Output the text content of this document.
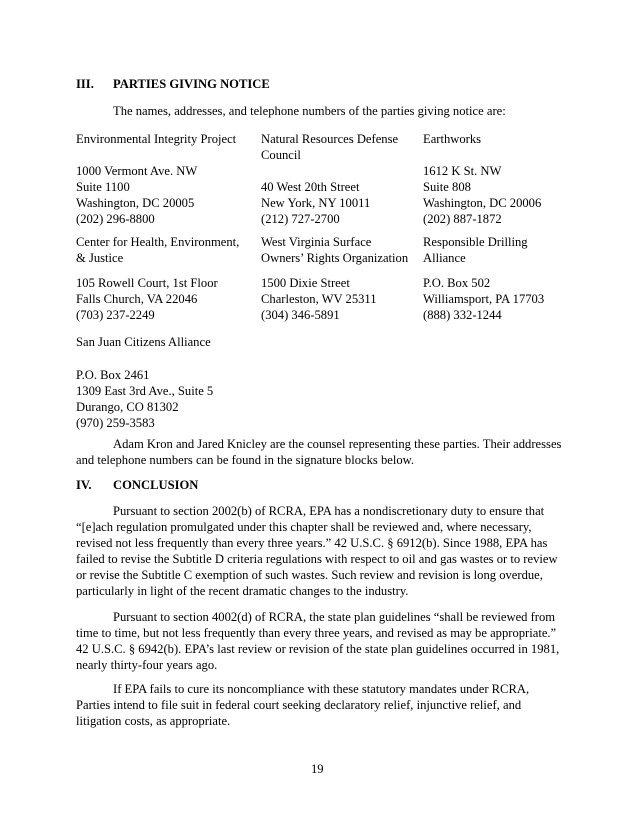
III. PARTIES GIVING NOTICE
The names, addresses, and telephone numbers of the parties giving notice are:
Environmental Integrity Project
1000 Vermont Ave. NW
Suite 1100
Washington, DC 20005
(202) 296-8800
Natural Resources Defense
Council
40 West 20th Street
New York, NY 10011
(212) 727-2700
Earthworks
1612 K St. NW
Suite 808
Washington, DC 20006
(202) 887-1872
Center for Health, Environment,
& Justice
105 Rowell Court, 1st Floor
Falls Church, VA 22046
(703) 237-2249
West Virginia Surface
Owners’ Rights Organization
1500 Dixie Street
Charleston, WV 25311
(304) 346-5891
Responsible Drilling
Alliance
P.O. Box 502
Williamsport, PA 17703
(888) 332-1244
San Juan Citizens Alliance
P.O. Box 2461
1309 East 3rd Ave., Suite 5
Durango, CO 81302
(970) 259-3583
Adam Kron and Jared Knicley are the counsel representing these parties. Their addresses
and telephone numbers can be found in the signature blocks below.
IV. CONCLUSION
Pursuant to section 2002(b) of RCRA, EPA has a nondiscretionary duty to ensure that
“[e]ach regulation promulgated under this chapter shall be reviewed and, where necessary,
revised not less frequently than every three years.” 42 U.S.C. § 6912(b). Since 1988, EPA has
failed to revise the Subtitle D criteria regulations with respect to oil and gas wastes or to review
or revise the Subtitle C exemption of such wastes. Such review and revision is long overdue,
particularly in light of the recent dramatic changes to the industry.
Pursuant to section 4002(d) of RCRA, the state plan guidelines “shall be reviewed from
time to time, but not less frequently than every three years, and revised as may be appropriate.”
42 U.S.C. § 6942(b). EPA’s last review or revision of the state plan guidelines occurred in 1981,
nearly thirty-four years ago.
If EPA fails to cure its noncompliance with these statutory mandates under RCRA,
Parties intend to file suit in federal court seeking declaratory relief, injunctive relief, and
litigation costs, as appropriate.
19
